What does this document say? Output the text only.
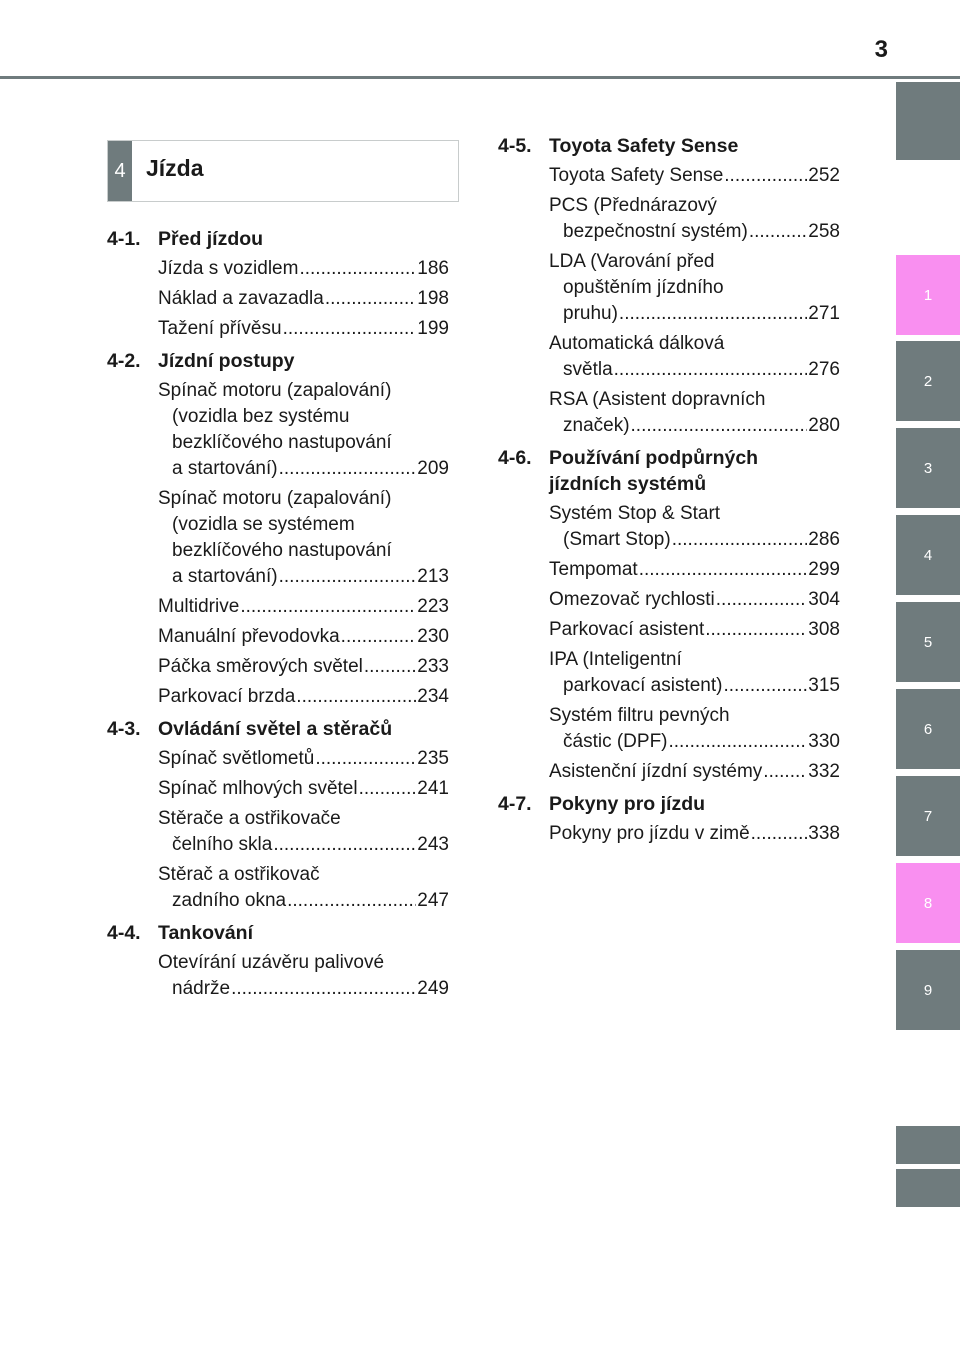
3
4 Jízda
4-1. Před jízdou
Jízda s vozidlem .....	186
Náklad a zavazadla .....	198
Tažení přívěsu .....	199
4-2. Jízdní postupy
Spínač motoru (zapalování)
(vozidla bez systému
bezklíčového nastupování
a startování) .....	209
Spínač motoru (zapalování)
(vozidla se systémem
bezklíčového nastupování
a startování) .....	213
Multidrive .....	223
Manuální převodovka .....	230
Páčka směrových světel .....	233
Parkovací brzda .....	234
4-3. Ovládání světel a stěračů
Spínač světlometů .....	235
Spínač mlhových světel .....	241
Stěrače a ostřikovače
čelního skla .....	243
Stěrač a ostřikovač
zadního okna .....	247
4-4. Tankování
Otevírání uzávěru palivové
nádrže .....	249
4-5. Toyota Safety Sense
Toyota Safety Sense .....	252
PCS (Přednárazový
bezpečnostní systém) .....	258
LDA (Varování před
opuštěním jízdního
pruhu) .....	271
Automatická dálková
světla .....	276
RSA (Asistent dopravních
značek) .....	280
4-6. Používání podpůrných
jízdních systémů
Systém Stop & Start
(Smart Stop) .....	286
Tempomat .....	299
Omezovač rychlosti .....	304
Parkovací asistent .....	308
IPA (Inteligentní
parkovací asistent) .....	315
Systém filtru pevných
částic (DPF) .....	330
Asistenční jízdní systémy ..... 332
4-7. Pokyny pro jízdu
Pokyny pro jízdu v zimě .....	338
1
2
3
4
5
6
7
8
9
